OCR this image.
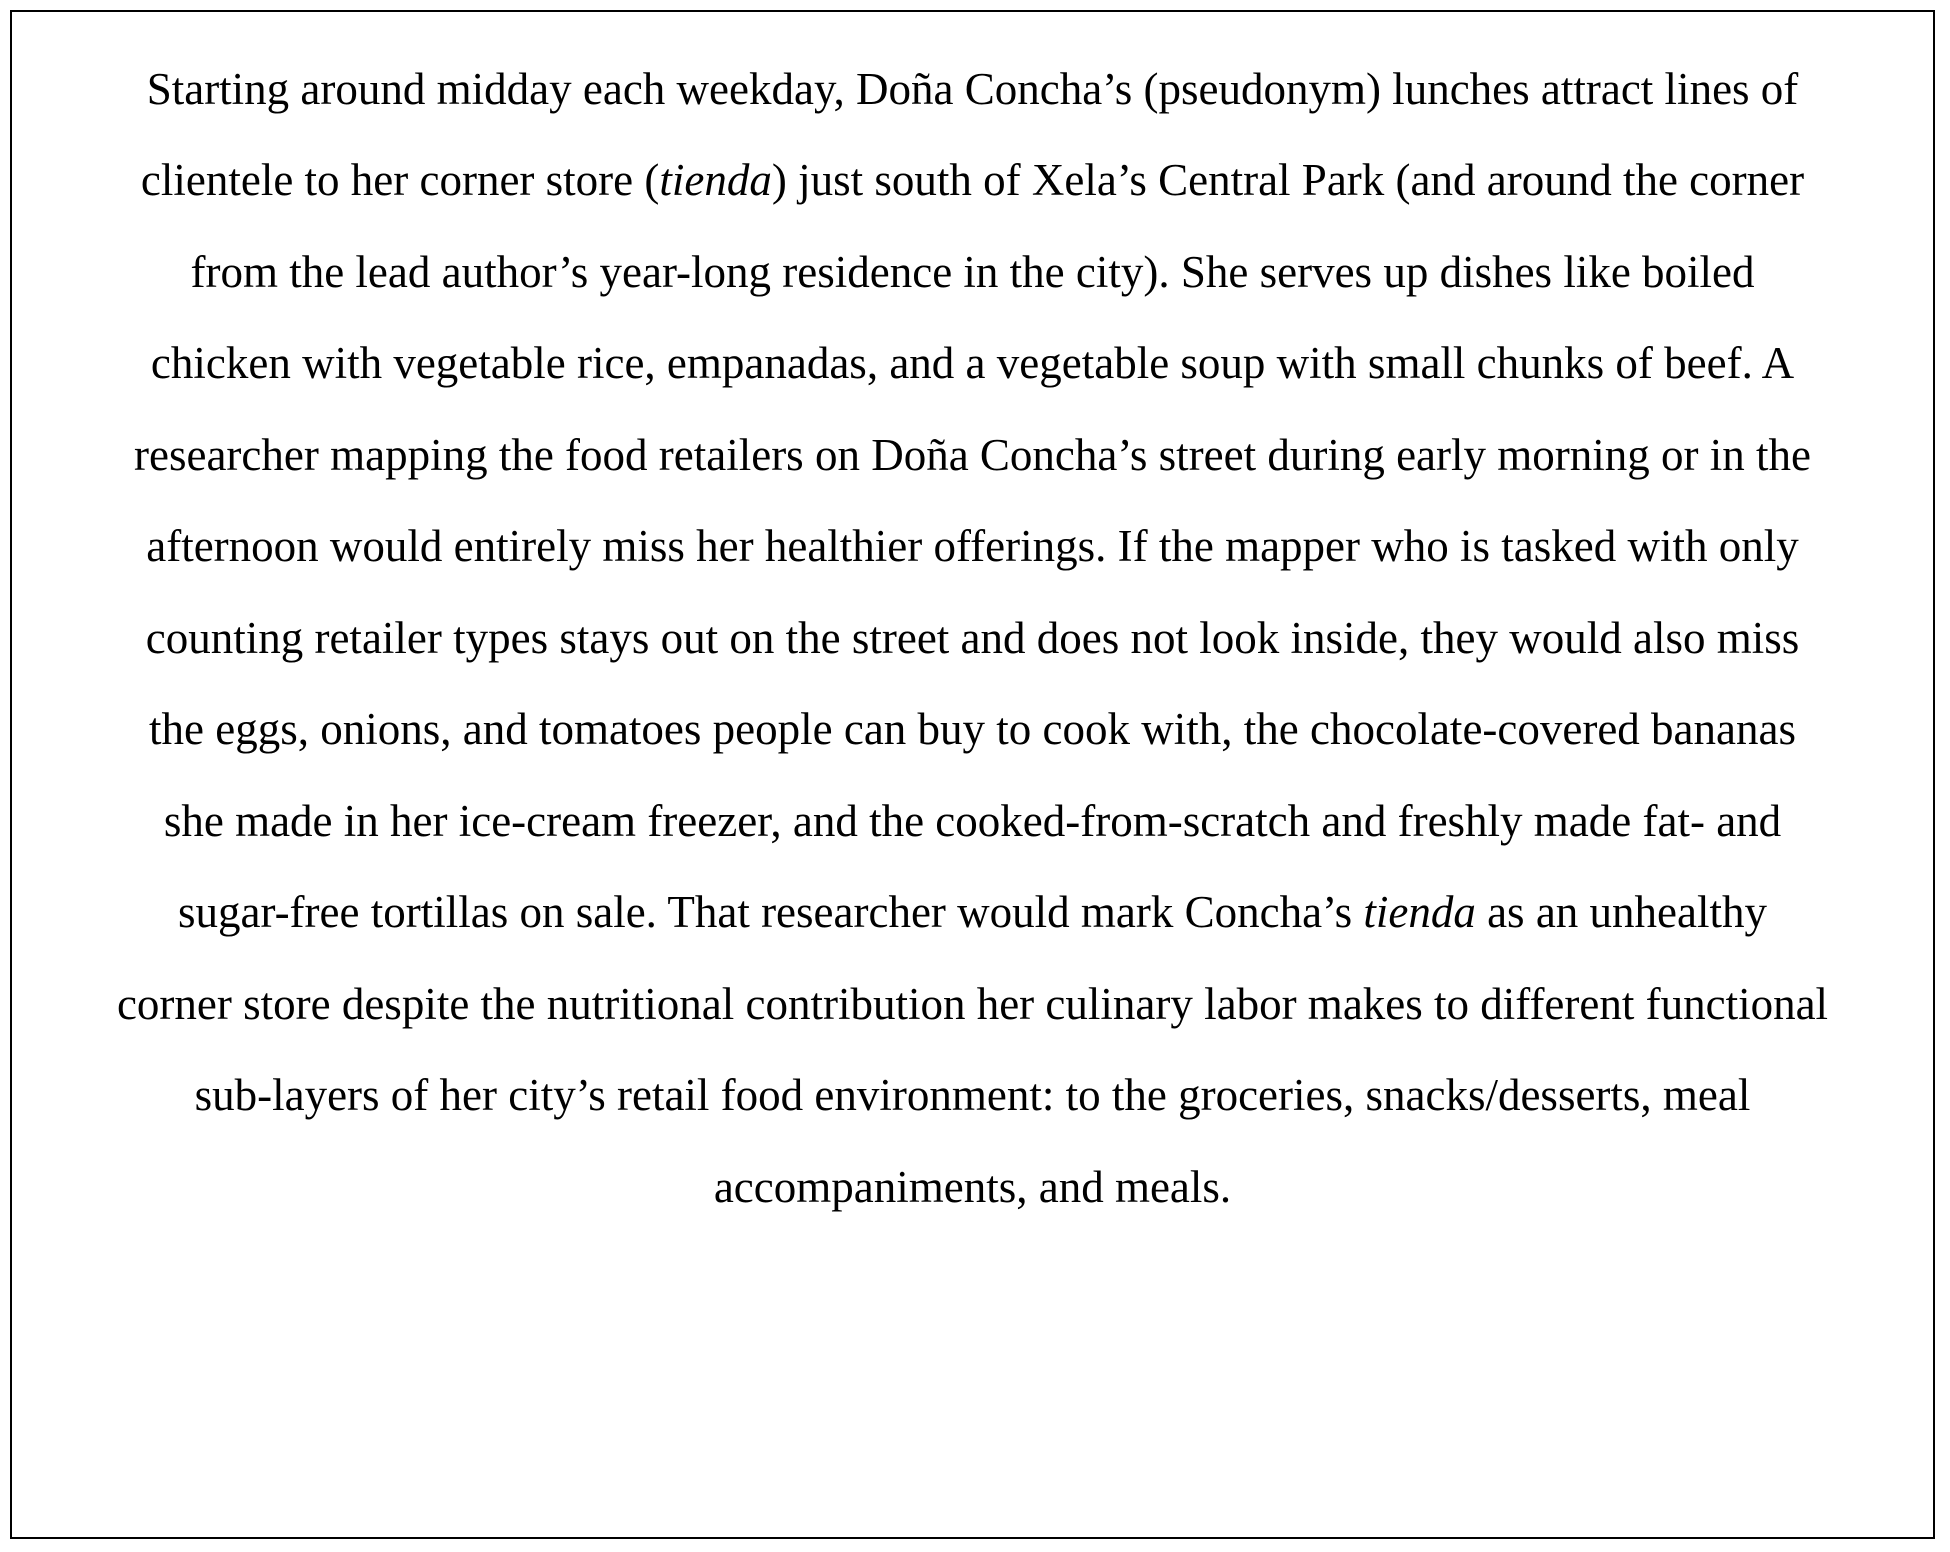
Starting around midday each weekday, Doña Concha’s (pseudonym) lunches attract lines of
clientele to her corner store (tienda) just south of Xela’s Central Park (and around the corner
from the lead author’s year-long residence in the city). She serves up dishes like boiled
chicken with vegetable rice, empanadas, and a vegetable soup with small chunks of beef. A
researcher mapping the food retailers on Doña Concha’s street during early morning or in the
afternoon would entirely miss her healthier offerings. If the mapper who is tasked with only
counting retailer types stays out on the street and does not look inside, they would also miss
the eggs, onions, and tomatoes people can buy to cook with, the chocolate-covered bananas
she made in her ice-cream freezer, and the cooked-from-scratch and freshly made fat- and
sugar-free tortillas on sale. That researcher would mark Concha’s tienda as an unhealthy
corner store despite the nutritional contribution her culinary labor makes to different functional
sub-layers of her city’s retail food environment: to the groceries, snacks/desserts, meal
accompaniments, and meals.
